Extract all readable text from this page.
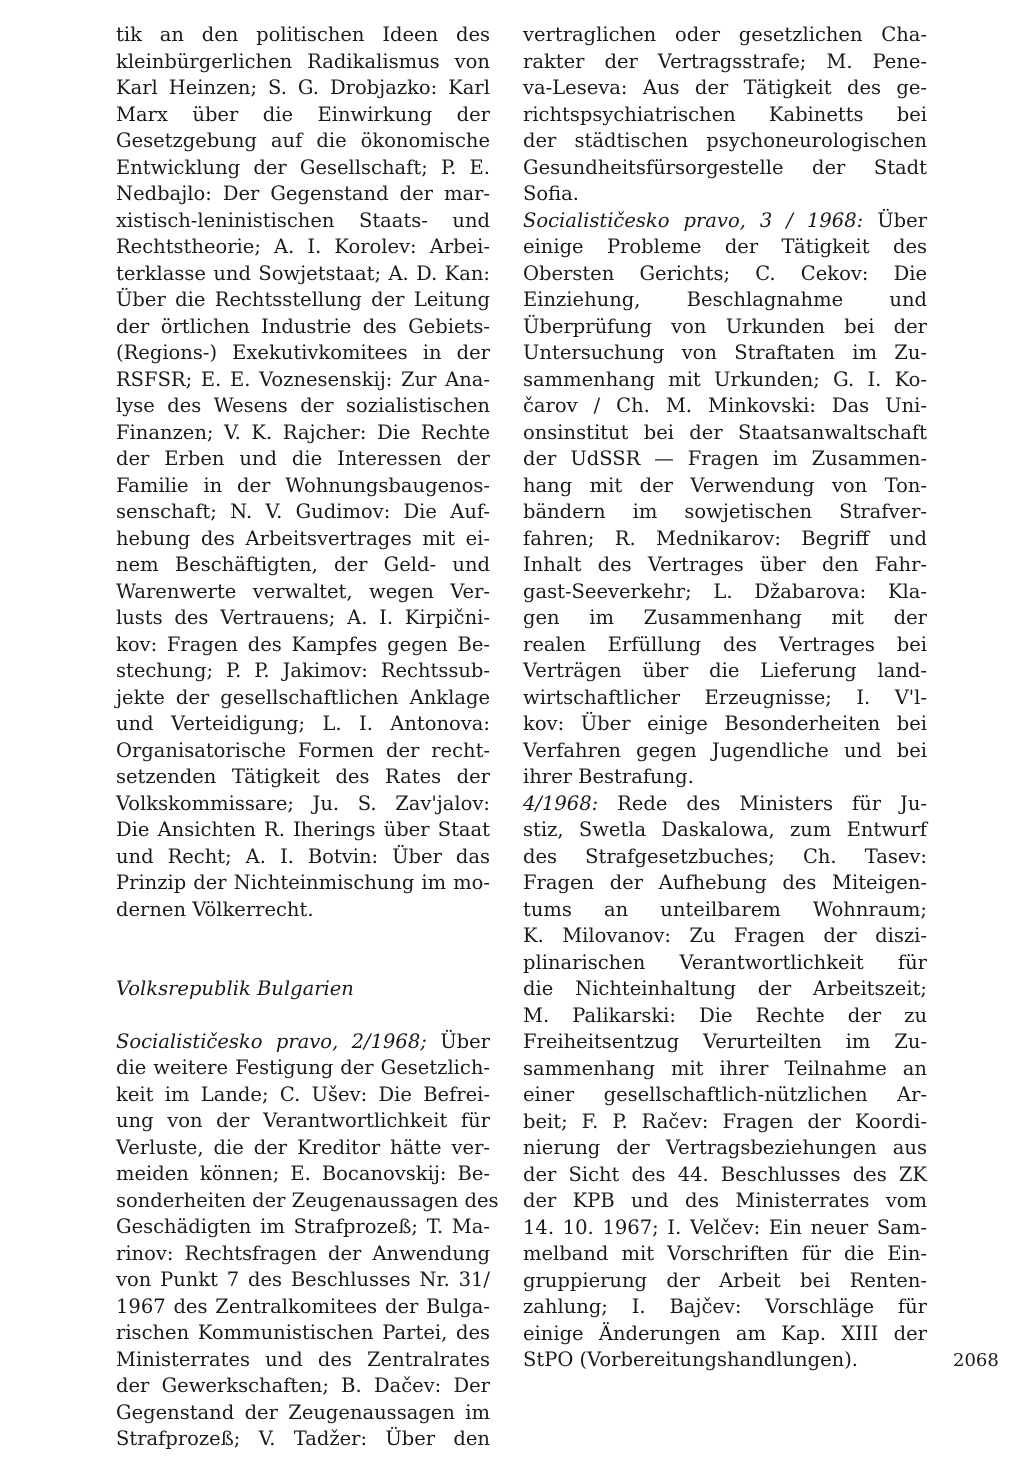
tik an den politischen Ideen des
kleinbürgerlichen Radikalismus von
Karl Heinzen; S. G. Drobjazko: Karl
Marx über die Einwirkung der
Gesetzgebung auf die ökonomische
Entwicklung der Gesellschaft; P. E.
Nedbajlo: Der Gegenstand der mar-
xistisch-leninistischen Staats- und
Rechtstheorie; A. I. Korolev: Arbei-
terklasse und Sowjetstaat; A. D. Kan:
Über die Rechtsstellung der Leitung
der örtlichen Industrie des Gebiets-
(Regions-) Exekutivkomitees in der
RSFSR; E. E. Voznesenskij: Zur Ana-
lyse des Wesens der sozialistischen
Finanzen; V. K. Rajcher: Die Rechte
der Erben und die Interessen der
Familie in der Wohnungsbaugenos-
senschaft; N. V. Gudimov: Die Auf-
hebung des Arbeitsvertrages mit ei-
nem Beschäftigten, der Geld- und
Warenwerte verwaltet, wegen Ver-
lusts des Vertrauens; A. I. Kirpični-
kov: Fragen des Kampfes gegen Be-
stechung; P. P. Jakimov: Rechtssub-
jekte der gesellschaftlichen Anklage
und Verteidigung; L. I. Antonova:
Organisatorische Formen der recht-
setzenden Tätigkeit des Rates der
Volkskommissare; Ju. S. Zav'jalov:
Die Ansichten R. Iherings über Staat
und Recht; A. I. Botvin: Über das
Prinzip der Nichteinmischung im mo-
dernen Völkerrecht.

Volksrepublik Bulgarien

Socialističesko pravo, 2/1968; Über
die weitere Festigung der Gesetzlich-
keit im Lande; C. Ušev: Die Befrei-
ung von der Verantwortlichkeit für
Verluste, die der Kreditor hätte ver-
meiden können; E. Bocanovskij: Be-
sonderheiten der Zeugenaussagen des
Geschädigten im Strafprozeß; T. Ma-
rinov: Rechtsfragen der Anwendung
von Punkt 7 des Beschlusses Nr. 31/
1967 des Zentralkomitees der Bulga-
rischen Kommunistischen Partei, des
Ministerrates und des Zentralrates
der Gewerkschaften; B. Dačev: Der
Gegenstand der Zeugenaussagen im
Strafprozeß; V. Tadžer: Über den

vertraglichen oder gesetzlichen Cha-
rakter der Vertragsstrafe; M. Pene-
va-Leseva: Aus der Tätigkeit des ge-
richtspsychiatrischen Kabinetts bei
der städtischen psychoneurologischen
Gesundheitsfürsorgestelle der Stadt
Sofia.

Socialističesko pravo, 3 / 1968: Über
einige Probleme der Tätigkeit des
Obersten Gerichts; C. Cekov: Die
Einziehung, Beschlagnahme und
Überprüfung von Urkunden bei der
Untersuchung von Straftaten im Zu-
sammenhang mit Urkunden; G. I. Ko-
čarov / Ch. M. Minkovski: Das Uni-
onsinstitut bei der Staatsanwaltschaft
der UdSSR — Fragen im Zusammen-
hang mit der Verwendung von Ton-
bändern im sowjetischen Strafver-
fahren; R. Mednikarov: Begriff und
Inhalt des Vertrages über den Fahr-
gast-Seeverkehr; L. Džabarova: Kla-
gen im Zusammenhang mit der
realen Erfüllung des Vertrages bei
Verträgen über die Lieferung land-
wirtschaftlicher Erzeugnisse; I. V'l-
kov: Über einige Besonderheiten bei
Verfahren gegen Jugendliche und bei
ihrer Bestrafung.

4/1968: Rede des Ministers für Ju-
stiz, Swetla Daskalowa, zum Entwurf
des Strafgesetzbuches; Ch. Tasev:
Fragen der Aufhebung des Miteigen-
tums an unteilbarem Wohnraum;
K. Milovanov: Zu Fragen der diszi-
plinarischen Verantwortlichkeit für
die Nichteinhaltung der Arbeitszeit;
M. Palikarski: Die Rechte der zu
Freiheitsentzug Verurteilten im Zu-
sammenhang mit ihrer Teilnahme an
einer gesellschaftlich-nützlichen Ar-
beit; F. P. Račev: Fragen der Koordi-
nierung der Vertragsbeziehungen aus
der Sicht des 44. Beschlusses des ZK
der KPB und des Ministerrates vom
14. 10. 1967; I. Velčev: Ein neuer Sam-
melband mit Vorschriften für die Ein-
gruppierung der Arbeit bei Renten-
zahlung; I. Bajčev: Vorschläge für
einige Änderungen am Kap. XIII der
StPO (Vorbereitungshandlungen).	2068
